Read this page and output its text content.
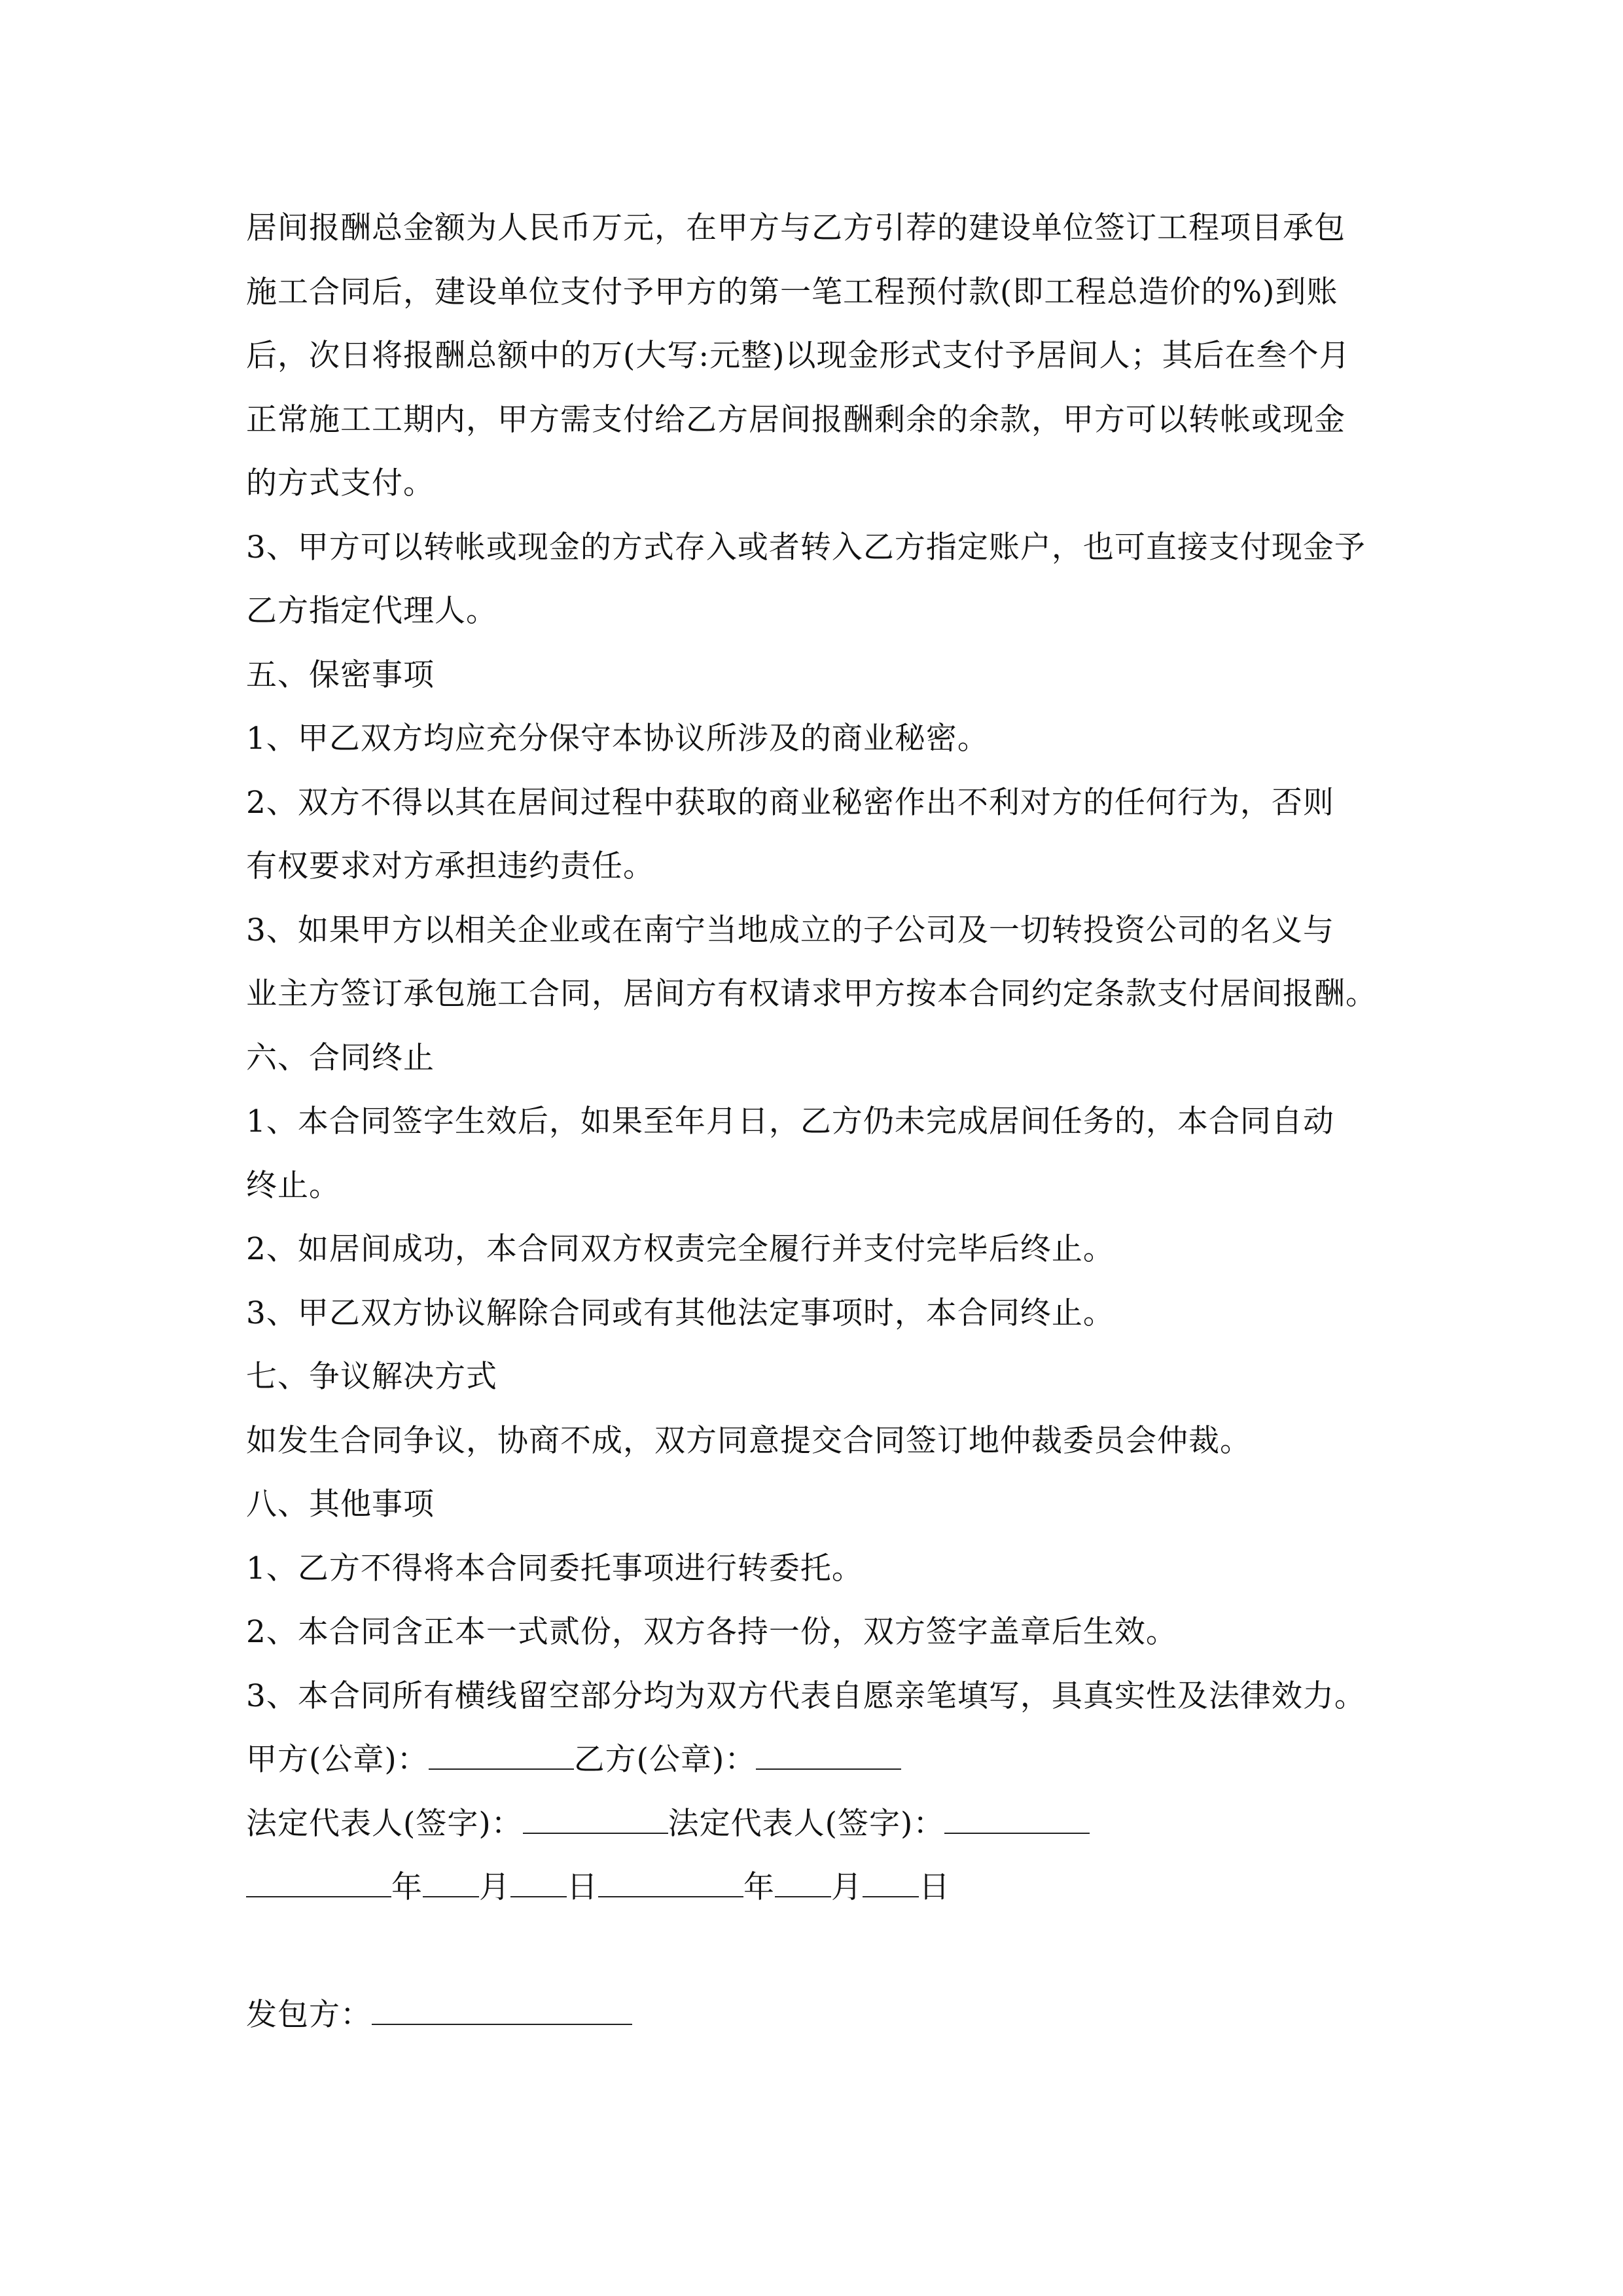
居间报酬总金额为人民币万元，在甲方与乙方引荐的建设单位签订工程项目承包
施工合同后，建设单位支付予甲方的第一笔工程预付款(即工程总造价的%)到账
后，次日将报酬总额中的万(大写:元整)以现金形式支付予居间人；其后在叁个月
正常施工工期内，甲方需支付给乙方居间报酬剩余的余款，甲方可以转帐或现金
的方式支付。
3、甲方可以转帐或现金的方式存入或者转入乙方指定账户，也可直接支付现金予
乙方指定代理人。
五、保密事项
1、甲乙双方均应充分保守本协议所涉及的商业秘密。
2、双方不得以其在居间过程中获取的商业秘密作出不利对方的任何行为，否则
有权要求对方承担违约责任。
3、如果甲方以相关企业或在南宁当地成立的子公司及一切转投资公司的名义与
业主方签订承包施工合同，居间方有权请求甲方按本合同约定条款支付居间报酬。
六、合同终止
1、本合同签字生效后，如果至年月日，乙方仍未完成居间任务的，本合同自动
终止。
2、如居间成功，本合同双方权责完全履行并支付完毕后终止。
3、甲乙双方协议解除合同或有其他法定事项时，本合同终止。
七、争议解决方式
如发生合同争议，协商不成，双方同意提交合同签订地仲裁委员会仲裁。
八、其他事项
1、乙方不得将本合同委托事项进行转委托。
2、本合同含正本一式贰份，双方各持一份，双方签字盖章后生效。
3、本合同所有横线留空部分均为双方代表自愿亲笔填写，具真实性及法律效力。
甲方(公章)：	乙方(公章)：
法定代表人(签字)：	法定代表人(签字)：
年 月 日	年 月 日
发包方：
